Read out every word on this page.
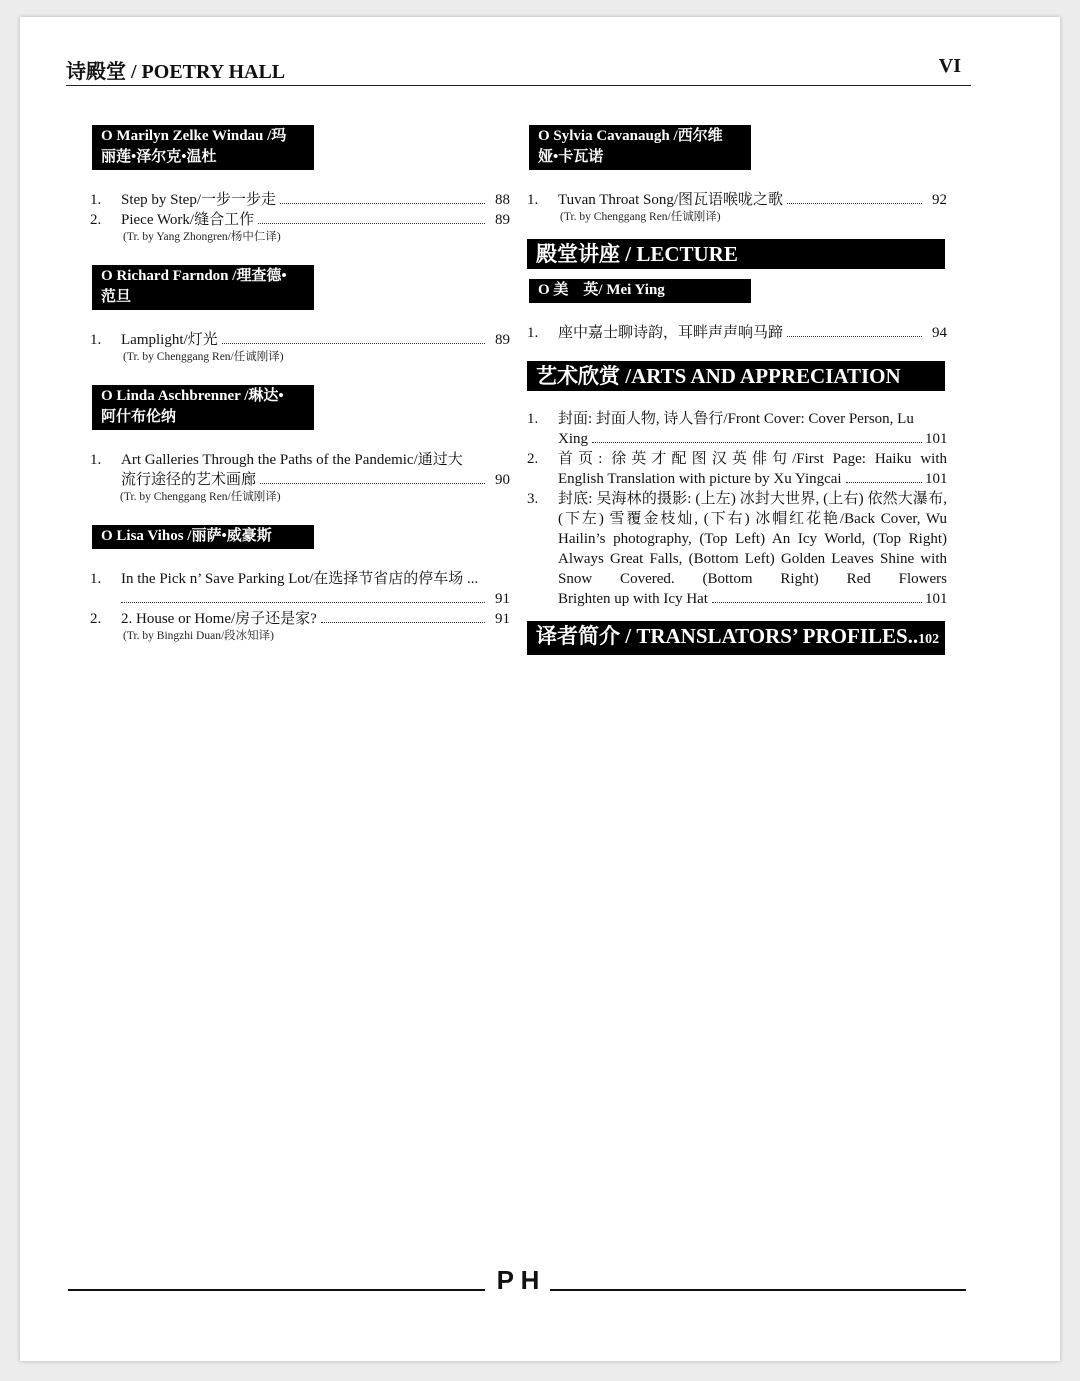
诗殿堂 / POETRY HALL	VI
O Marilyn Zelke Windau /玛
丽莲•泽尔克•温杜
1. Step by Step/一步一步走	88
2. Piece Work/缝合工作	89
(Tr. by Yang Zhongren/杨中仁译)
O Richard Farndon /理查德•
范旦
1. Lamplight/灯光	89
(Tr. by Chenggang Ren/任诚刚译)
O Linda Aschbrenner /琳达•
阿什布伦纳
1. Art Galleries Through the Paths of the Pandemic/通过大
流行途径的艺术画廊	90
(Tr. by Chenggang Ren/任诚刚译)
O Lisa Vihos /丽萨•威豪斯
1. In the Pick n’ Save Parking Lot/在选择节省店的停车场 ...
91
2. 2. House or Home/房子还是家?	91
(Tr. by Bingzhi Duan/段冰知译)
O Sylvia Cavanaugh /西尔维
娅•卡瓦诺
1. Tuvan Throat Song/图瓦语喉咙之歌	92
(Tr. by Chenggang Ren/任诚刚译)
殿堂讲座 / LECTURE
O 美　英/ Mei Ying
1. 座中嘉士聊诗韵，耳畔声声响马蹄	94
艺术欣赏 /ARTS AND APPRECIATION
1. 封面: 封面人物, 诗人鲁行/Front Cover: Cover Person, Lu
Xing	101
2. 首页: 徐英才配图汉英俳句/First Page: Haiku with
English Translation with picture by Xu Yingcai	101
3. 封底: 吴海林的摄影: (上左) 冰封大世界, (上右) 依然大瀑布, (下左) 雪覆金枝灿, (下右) 冰帽红花艳/Back Cover, Wu Hailin’s photography, (Top Left) An Icy World, (Top Right) Always Great Falls, (Bottom Left) Golden Leaves Shine with Snow Covered. (Bottom Right) Red Flowers
Brighten up with Icy Hat	101
译者简介 / TRANSLATORS’ PROFILES..102
P H
